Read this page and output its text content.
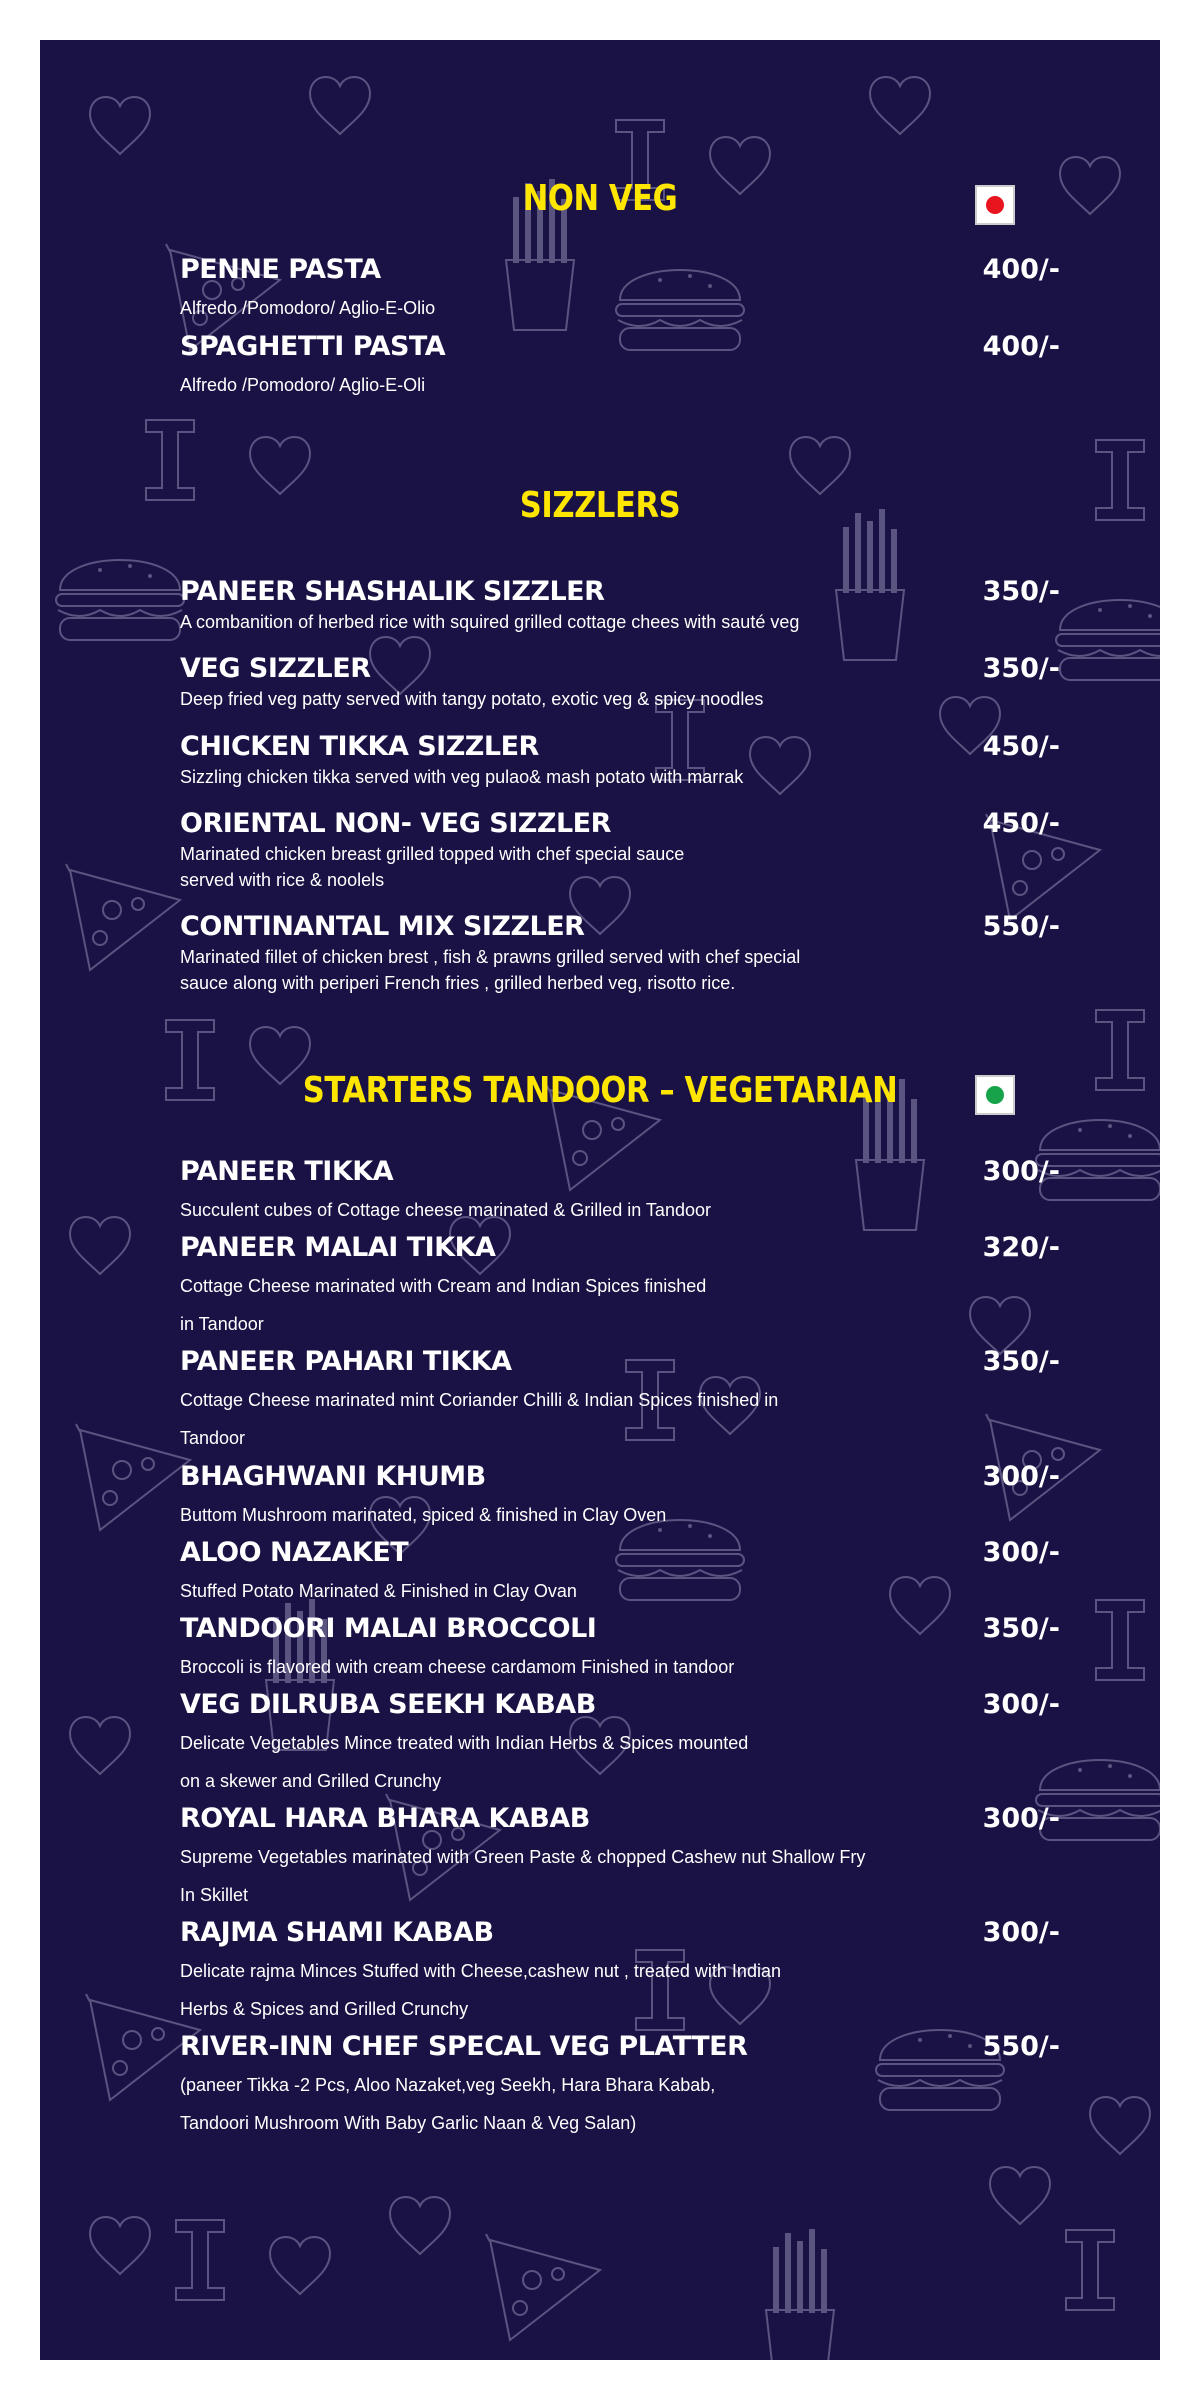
NON VEG
PENNE PASTA	400/-
Alfredo /Pomodoro/ Aglio-E-Olio
SPAGHETTI PASTA	400/-
Alfredo /Pomodoro/ Aglio-E-Oli
SIZZLERS
PANEER SHASHALIK SIZZLER	350/-
A combanition of herbed rice with squired grilled cottage chees with sauté veg
VEG SIZZLER	350/-
Deep fried veg patty served with tangy potato, exotic veg & spicy noodles
CHICKEN TIKKA SIZZLER	450/-
Sizzling chicken tikka served with veg pulao& mash potato with marrak
ORIENTAL NON- VEG SIZZLER	450/-
Marinated chicken breast grilled topped with chef special sauce
served with rice & noolels
CONTINANTAL MIX SIZZLER	550/-
Marinated fillet of chicken brest , fish & prawns grilled served with chef special
sauce along with periperi French fries , grilled herbed veg, risotto rice.
STARTERS TANDOOR – VEGETARIAN
PANEER TIKKA	300/-
Succulent cubes of Cottage cheese marinated & Grilled in Tandoor
PANEER MALAI TIKKA	320/-
Cottage Cheese marinated with Cream and Indian Spices finished
in Tandoor
PANEER PAHARI TIKKA	350/-
Cottage Cheese marinated mint Coriander Chilli & Indian Spices finished in
Tandoor
BHAGHWANI KHUMB	300/-
Buttom Mushroom marinated, spiced & finished in Clay Oven
ALOO NAZAKET	300/-
Stuffed Potato Marinated & Finished in Clay Ovan
TANDOORI MALAI BROCCOLI	350/-
Broccoli is flavored with cream cheese cardamom Finished in tandoor
VEG DILRUBA SEEKH KABAB	300/-
Delicate Vegetables Mince treated with Indian Herbs & Spices mounted
on a skewer and Grilled Crunchy
ROYAL HARA BHARA KABAB	300/-
Supreme Vegetables marinated with Green Paste & chopped Cashew nut Shallow Fry
In Skillet
RAJMA SHAMI KABAB	300/-
Delicate rajma Minces Stuffed with Cheese,cashew nut , treated with Indian
Herbs & Spices and Grilled Crunchy
RIVER-INN CHEF SPECAL VEG PLATTER	550/-
(paneer Tikka -2 Pcs, Aloo Nazaket,veg Seekh, Hara Bhara Kabab,
Tandoori Mushroom With Baby Garlic Naan & Veg Salan)
